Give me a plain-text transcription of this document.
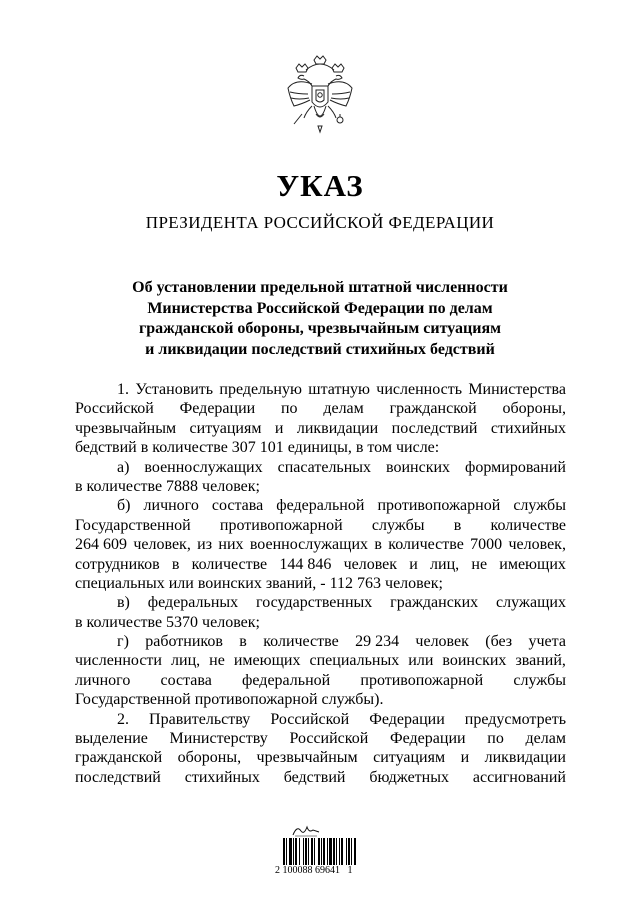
УКАЗ
ПРЕЗИДЕНТА РОССИЙСКОЙ ФЕДЕРАЦИИ
Об установлении предельной штатной численности
Министерства Российской Федерации по делам
гражданской обороны, чрезвычайным ситуациям
и ликвидации последствий стихийных бедствий
1. Установить предельную штатную численность Министерства
Российской Федерации по делам гражданской обороны,
чрезвычайным ситуациям и ликвидации последствий стихийных
бедствий в количестве 307 101 единицы, в том числе:
а) военнослужащих спасательных воинских формирований
в количестве 7888 человек;
б) личного состава федеральной противопожарной службы
Государственной противопожарной службы в количестве
264 609 человек, из них военнослужащих в количестве 7000 человек,
сотрудников в количестве 144 846 человек и лиц, не имеющих
специальных или воинских званий, - 112 763 человек;
в) федеральных государственных гражданских служащих
в количестве 5370 человек;
г) работников в количестве 29 234 человек (без учета
численности лиц, не имеющих специальных или воинских званий,
личного состава федеральной противопожарной службы
Государственной противопожарной службы).
2. Правительству Российской Федерации предусмотреть
выделение Министерству Российской Федерации по делам
гражданской обороны, чрезвычайным ситуациям и ликвидации
последствий стихийных бедствий бюджетных ассигнований
2 100088 69641   1
